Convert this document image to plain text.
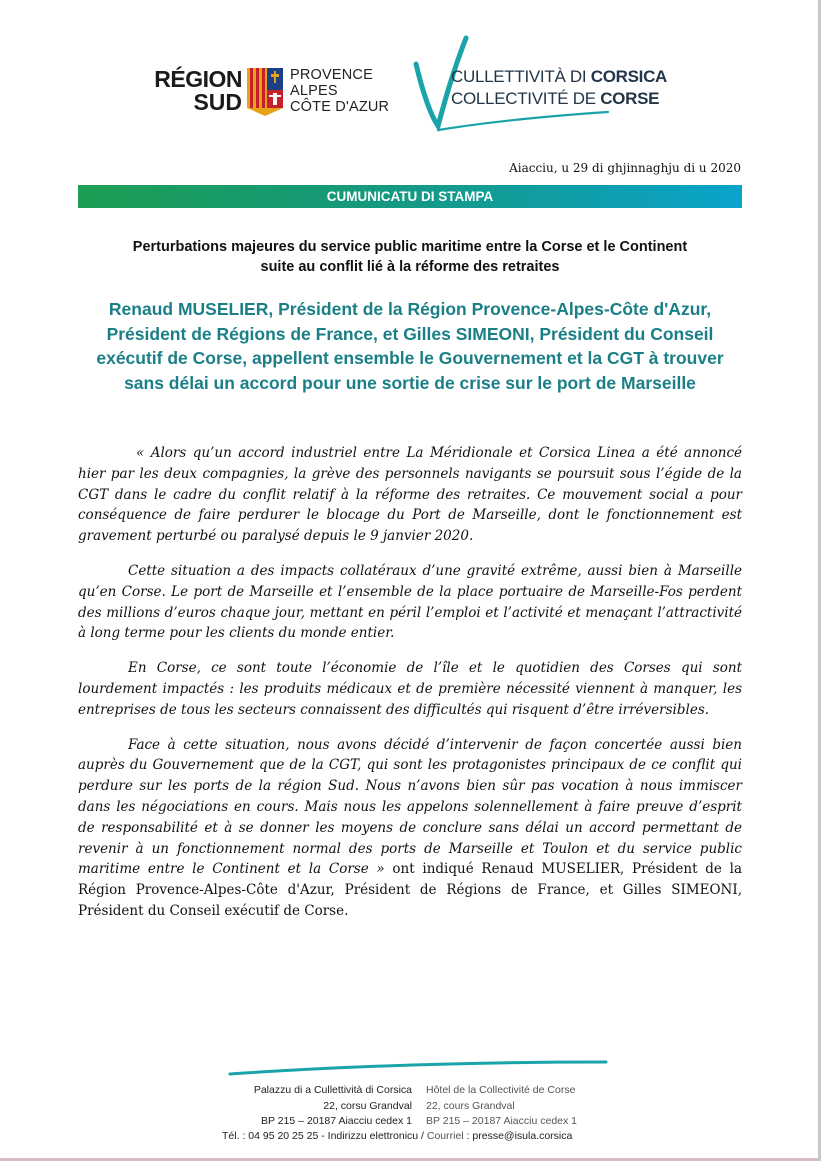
RÉGION
SUD
PROVENCE
ALPES
CÔTE D'AZUR
CULLETTIVITÀ DI CORSICA
COLLECTIVITÉ DE CORSE
Aiacciu, u 29 di ghjinnaghju di u 2020
CUMUNICATU DI STAMPA
Perturbations majeures du service public maritime entre la Corse et le Continent
suite au conflit lié à la réforme des retraites
Renaud MUSELIER, Président de la Région Provence-Alpes-Côte d'Azur,
Président de Régions de France, et Gilles SIMEONI, Président du Conseil
exécutif de Corse, appellent ensemble le Gouvernement et la CGT à trouver
sans délai un accord pour une sortie de crise sur le port de Marseille

« Alors qu’un accord industriel entre La Méridionale et Corsica Linea a été annoncé hier par les deux compagnies, la grève des personnels navigants se poursuit sous l’égide de la CGT dans le cadre du conflit relatif à la réforme des retraites. Ce mouvement social a pour conséquence de faire perdurer le blocage du Port de Marseille, dont le fonctionnement est gravement perturbé ou paralysé depuis le 9 janvier 2020.

Cette situation a des impacts collatéraux d’une gravité extrême, aussi bien à Marseille qu’en Corse. Le port de Marseille et l’ensemble de la place portuaire de Marseille-Fos perdent des millions d’euros chaque jour, mettant en péril l’emploi et l’activité et menaçant l’attractivité à long terme pour les clients du monde entier.

En Corse, ce sont toute l’économie de l’île et le quotidien des Corses qui sont lourdement impactés : les produits médicaux et de première nécessité viennent à manquer, les entreprises de tous les secteurs connaissent des difficultés qui risquent d’être irréversibles.

Face à cette situation, nous avons décidé d’intervenir de façon concertée aussi bien auprès du Gouvernement que de la CGT, qui sont les protagonistes principaux de ce conflit qui perdure sur les ports de la région Sud. Nous n’avons bien sûr pas vocation à nous immiscer dans les négociations en cours. Mais nous les appelons solennellement à faire preuve d’esprit de responsabilité et à se donner les moyens de conclure sans délai un accord permettant de revenir à un fonctionnement normal des ports de Marseille et Toulon et du service public maritime entre le Continent et la Corse » ont indiqué Renaud MUSELIER, Président de la Région Provence-Alpes-Côte d'Azur, Président de Régions de France, et Gilles SIMEONI, Président du Conseil exécutif de Corse.

Palazzu di a Cullettività di Corsica
22, corsu Grandval
BP 215 – 20187 Aiacciu cedex 1
Hôtel de la Collectivité de Corse
22, cours Grandval
BP 215 – 20187 Aiacciu cedex 1
Tél. : 04 95 20 25 25 - Indirizzu elettronicu / Courriel : presse@isula.corsica
